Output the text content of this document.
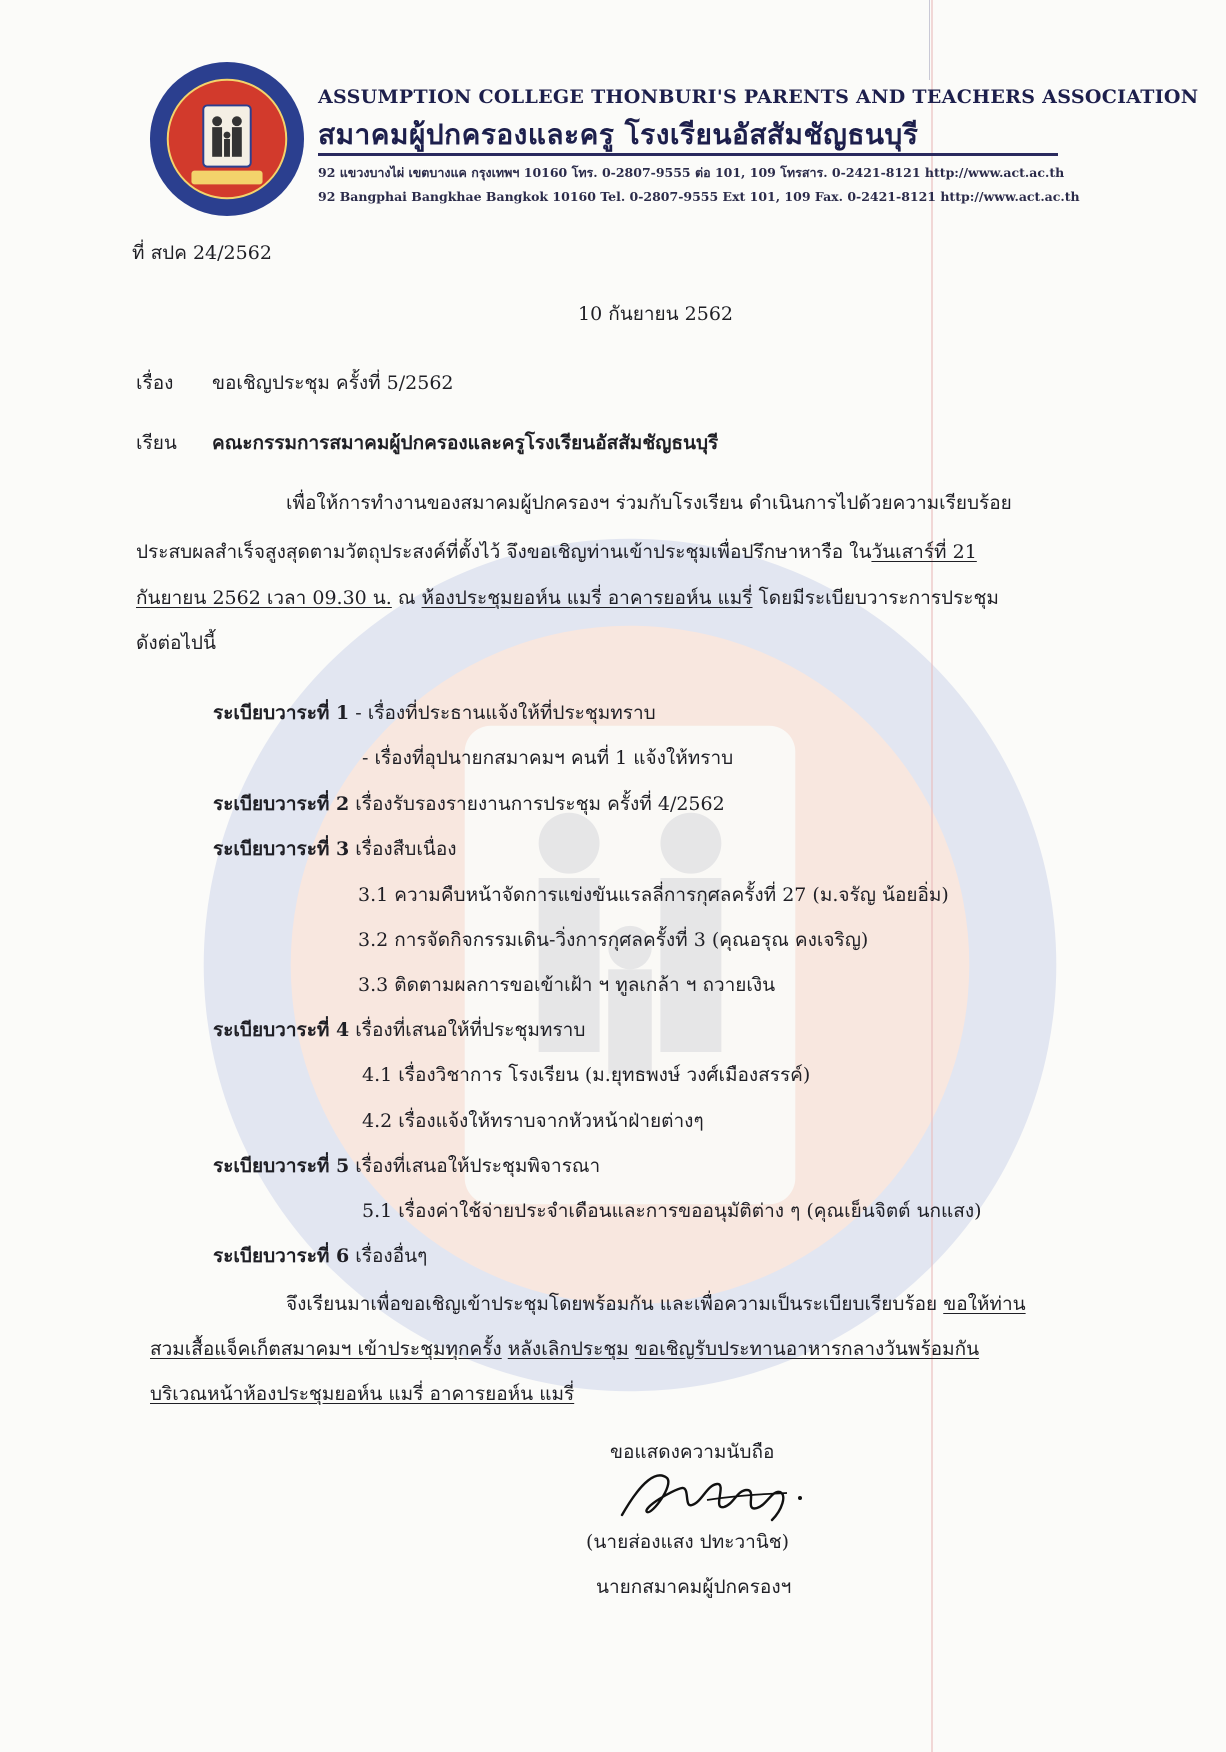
ASSUMPTION COLLEGE THONBURI'S PARENTS AND TEACHERS ASSOCIATION
สมาคมผู้ปกครองและครู โรงเรียนอัสสัมชัญธนบุรี
92 แขวงบางไผ่ เขตบางแค กรุงเทพฯ 10160 โทร. 0-2807-9555 ต่อ 101, 109 โทรสาร. 0-2421-8121 http://www.act.ac.th
92 Bangphai Bangkhae Bangkok 10160 Tel. 0-2807-9555 Ext 101, 109 Fax. 0-2421-8121 http://www.act.ac.th
ที่ สปค 24/2562
10 กันยายน 2562
เรื่อง ขอเชิญประชุม ครั้งที่ 5/2562
เรียน คณะกรรมการสมาคมผู้ปกครองและครูโรงเรียนอัสสัมชัญธนบุรี
เพื่อให้การทำงานของสมาคมผู้ปกครองฯ ร่วมกับโรงเรียน ดำเนินการไปด้วยความเรียบร้อย
ประสบผลสำเร็จสูงสุดตามวัตถุประสงค์ที่ตั้งไว้ จึงขอเชิญท่านเข้าประชุมเพื่อปรึกษาหารือ ในวันเสาร์ที่ 21
กันยายน 2562 เวลา 09.30 น. ณ ห้องประชุมยอห์น แมรี่ อาคารยอห์น แมรี่ โดยมีระเบียบวาระการประชุม
ดังต่อไปนี้
ระเบียบวาระที่ 1 - เรื่องที่ประธานแจ้งให้ที่ประชุมทราบ
- เรื่องที่อุปนายกสมาคมฯ คนที่ 1 แจ้งให้ทราบ
ระเบียบวาระที่ 2 เรื่องรับรองรายงานการประชุม ครั้งที่ 4/2562
ระเบียบวาระที่ 3 เรื่องสืบเนื่อง
3.1 ความคืบหน้าจัดการแข่งขันแรลลี่การกุศลครั้งที่ 27 (ม.จรัญ น้อยอิ่ม)
3.2 การจัดกิจกรรมเดิน-วิ่งการกุศลครั้งที่ 3 (คุณอรุณ คงเจริญ)
3.3 ติดตามผลการขอเข้าเฝ้า ฯ ทูลเกล้า ฯ ถวายเงิน
ระเบียบวาระที่ 4 เรื่องที่เสนอให้ที่ประชุมทราบ
4.1 เรื่องวิชาการ โรงเรียน (ม.ยุทธพงษ์ วงศ์เมืองสรรค์)
4.2 เรื่องแจ้งให้ทราบจากหัวหน้าฝ่ายต่างๆ
ระเบียบวาระที่ 5 เรื่องที่เสนอให้ประชุมพิจารณา
5.1 เรื่องค่าใช้จ่ายประจำเดือนและการขออนุมัติต่าง ๆ (คุณเย็นจิตต์ นกแสง)
ระเบียบวาระที่ 6 เรื่องอื่นๆ
จึงเรียนมาเพื่อขอเชิญเข้าประชุมโดยพร้อมกัน และเพื่อความเป็นระเบียบเรียบร้อย ขอให้ท่าน
สวมเสื้อแจ็คเก็ตสมาคมฯ เข้าประชุมทุกครั้ง หลังเลิกประชุม ขอเชิญรับประทานอาหารกลางวันพร้อมกัน
บริเวณหน้าห้องประชุมยอห์น แมรี่ อาคารยอห์น แมรี่
ขอแสดงความนับถือ
(นายส่องแสง ปทะวานิช)
นายกสมาคมผู้ปกครองฯ
